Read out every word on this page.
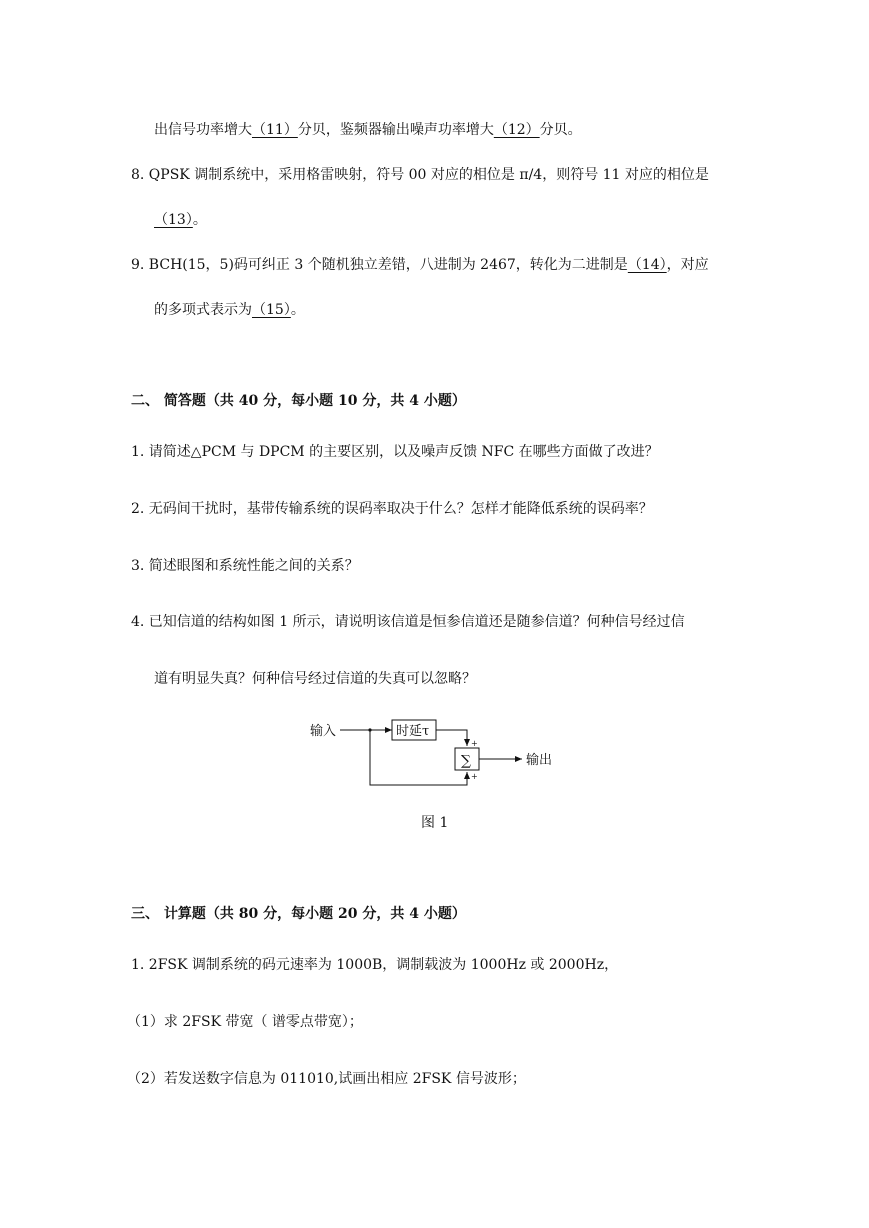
出信号功率增大（11）分贝，鉴频器输出噪声功率增大（12）分贝。
8. QPSK 调制系统中，采用格雷映射，符号 00 对应的相位是 π/4，则符号 11 对应的相位是
（13）。
9. BCH(15，5)码可纠正 3 个随机独立差错，八进制为 2467，转化为二进制是（14），对应
的多项式表示为（15）。
二、 简答题（共 40 分，每小题 10 分，共 4 小题）
1. 请简述△PCM 与 DPCM 的主要区别，以及噪声反馈 NFC 在哪些方面做了改进？
2. 无码间干扰时，基带传输系统的误码率取决于什么？怎样才能降低系统的误码率？
3. 简述眼图和系统性能之间的关系？
4. 已知信道的结构如图 1 所示，请说明该信道是恒参信道还是随参信道？何种信号经过信
道有明显失真？何种信号经过信道的失真可以忽略？
输入	时延τ
+
∑
+
输出
图 1
三、 计算题（共 80 分，每小题 20 分，共 4 小题）
1. 2FSK 调制系统的码元速率为 1000B，调制载波为 1000Hz 或 2000Hz，
（1）求 2FSK 带宽（ 谱零点带宽）；
（2）若发送数字信息为 011010,试画出相应 2FSK 信号波形；
